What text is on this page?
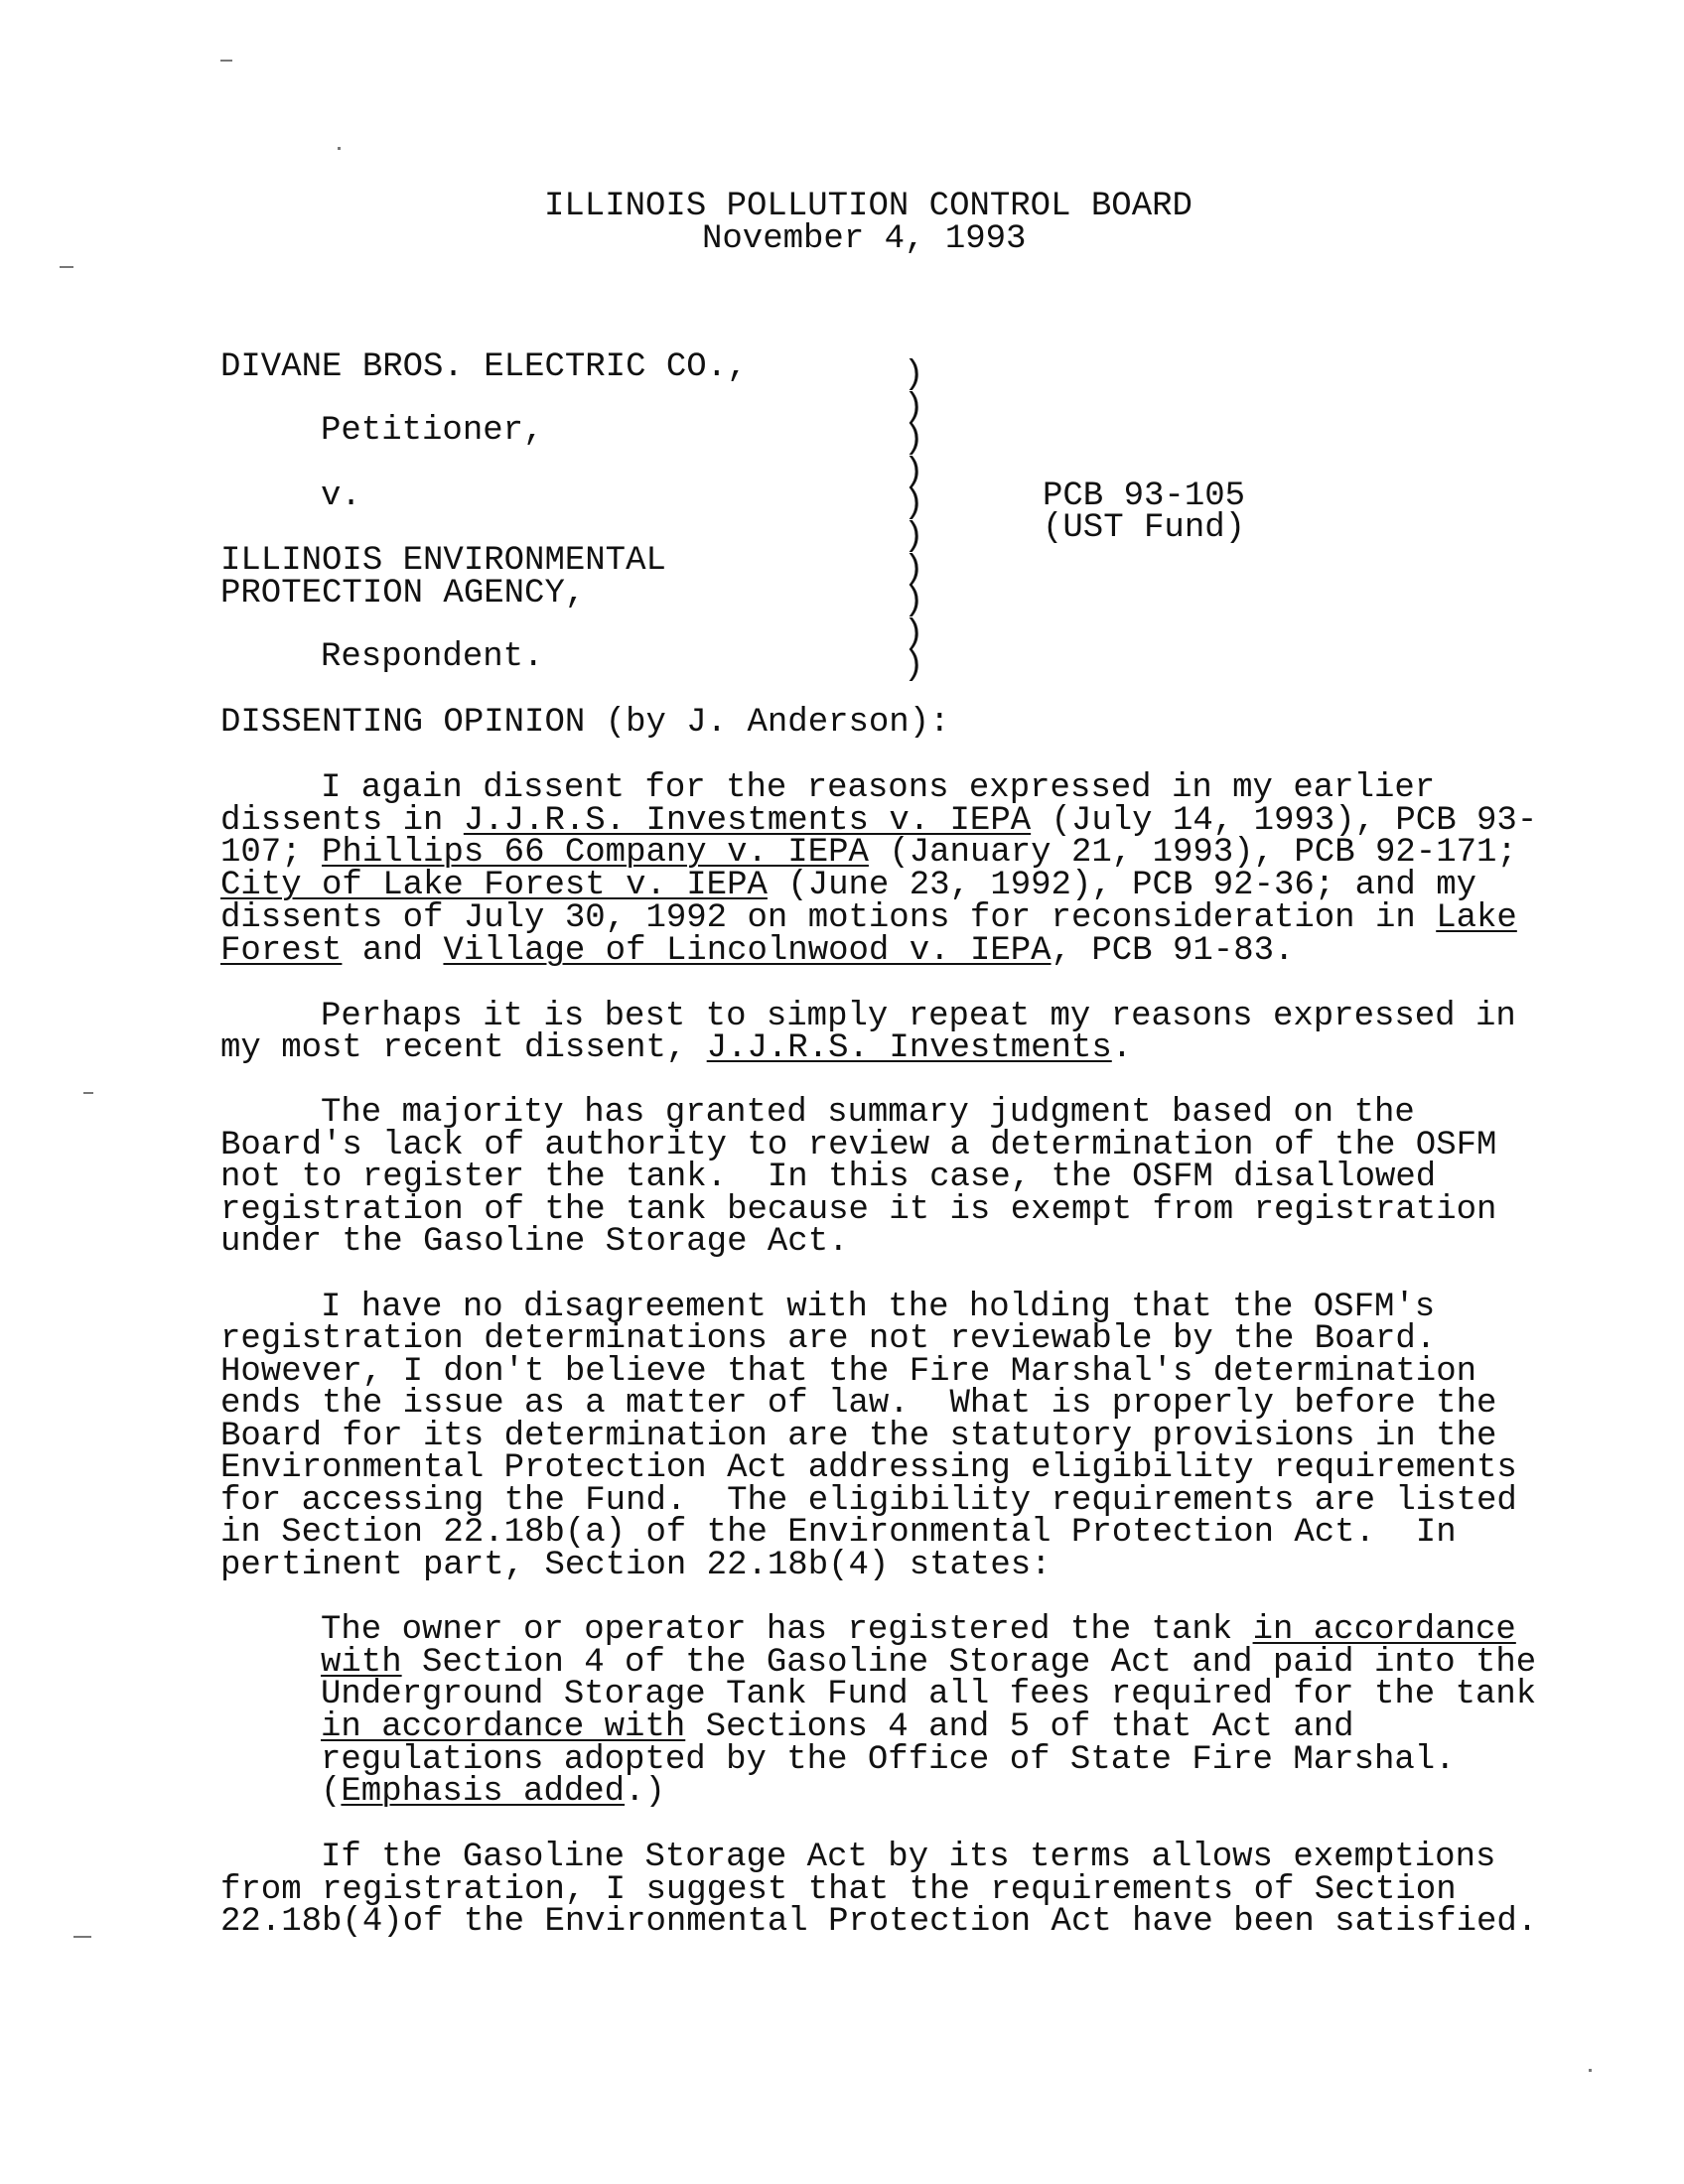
ILLINOIS POLLUTION CONTROL BOARD

November 4, 1993

DIVANE BROS. ELECTRIC CO.,

Petitioner,

v.

ILLINOIS ENVIRONMENTAL

PROTECTION AGENCY,

Respondent.

)
)
)
)
)
)
)
)
)
)

PCB 93-105

(UST Fund)

DISSENTING OPINION (by J. Anderson):

I again dissent for the reasons expressed in my earlier

dissents in J.J.R.S. Investments v. IEPA (July 14, 1993), PCB 93-

107; Phillips 66 Company v. IEPA (January 21, 1993), PCB 92-171;

City of Lake Forest v. IEPA (June 23, 1992), PCB 92-36; and my

dissents of July 30, 1992 on motions for reconsideration in Lake

Forest and Village of Lincolnwood v. IEPA, PCB 91-83.

Perhaps it is best to simply repeat my reasons expressed in

my most recent dissent, J.J.R.S. Investments.

The majority has granted summary judgment based on the

Board's lack of authority to review a determination of the OSFM

not to register the tank.  In this case, the OSFM disallowed

registration of the tank because it is exempt from registration

under the Gasoline Storage Act.

I have no disagreement with the holding that the OSFM's

registration determinations are not reviewable by the Board.

However, I don't believe that the Fire Marshal's determination

ends the issue as a matter of law.  What is properly before the

Board for its determination are the statutory provisions in the

Environmental Protection Act addressing eligibility requirements

for accessing the Fund.  The eligibility requirements are listed

in Section 22.18b(a) of the Environmental Protection Act.  In

pertinent part, Section 22.18b(4) states:

The owner or operator has registered the tank in accordance

with Section 4 of the Gasoline Storage Act and paid into the

Underground Storage Tank Fund all fees required for the tank

in accordance with Sections 4 and 5 of that Act and

regulations adopted by the Office of State Fire Marshal.

(Emphasis added.)

If the Gasoline Storage Act by its terms allows exemptions

from registration, I suggest that the requirements of Section

22.18b(4)of the Environmental Protection Act have been satisfied.
